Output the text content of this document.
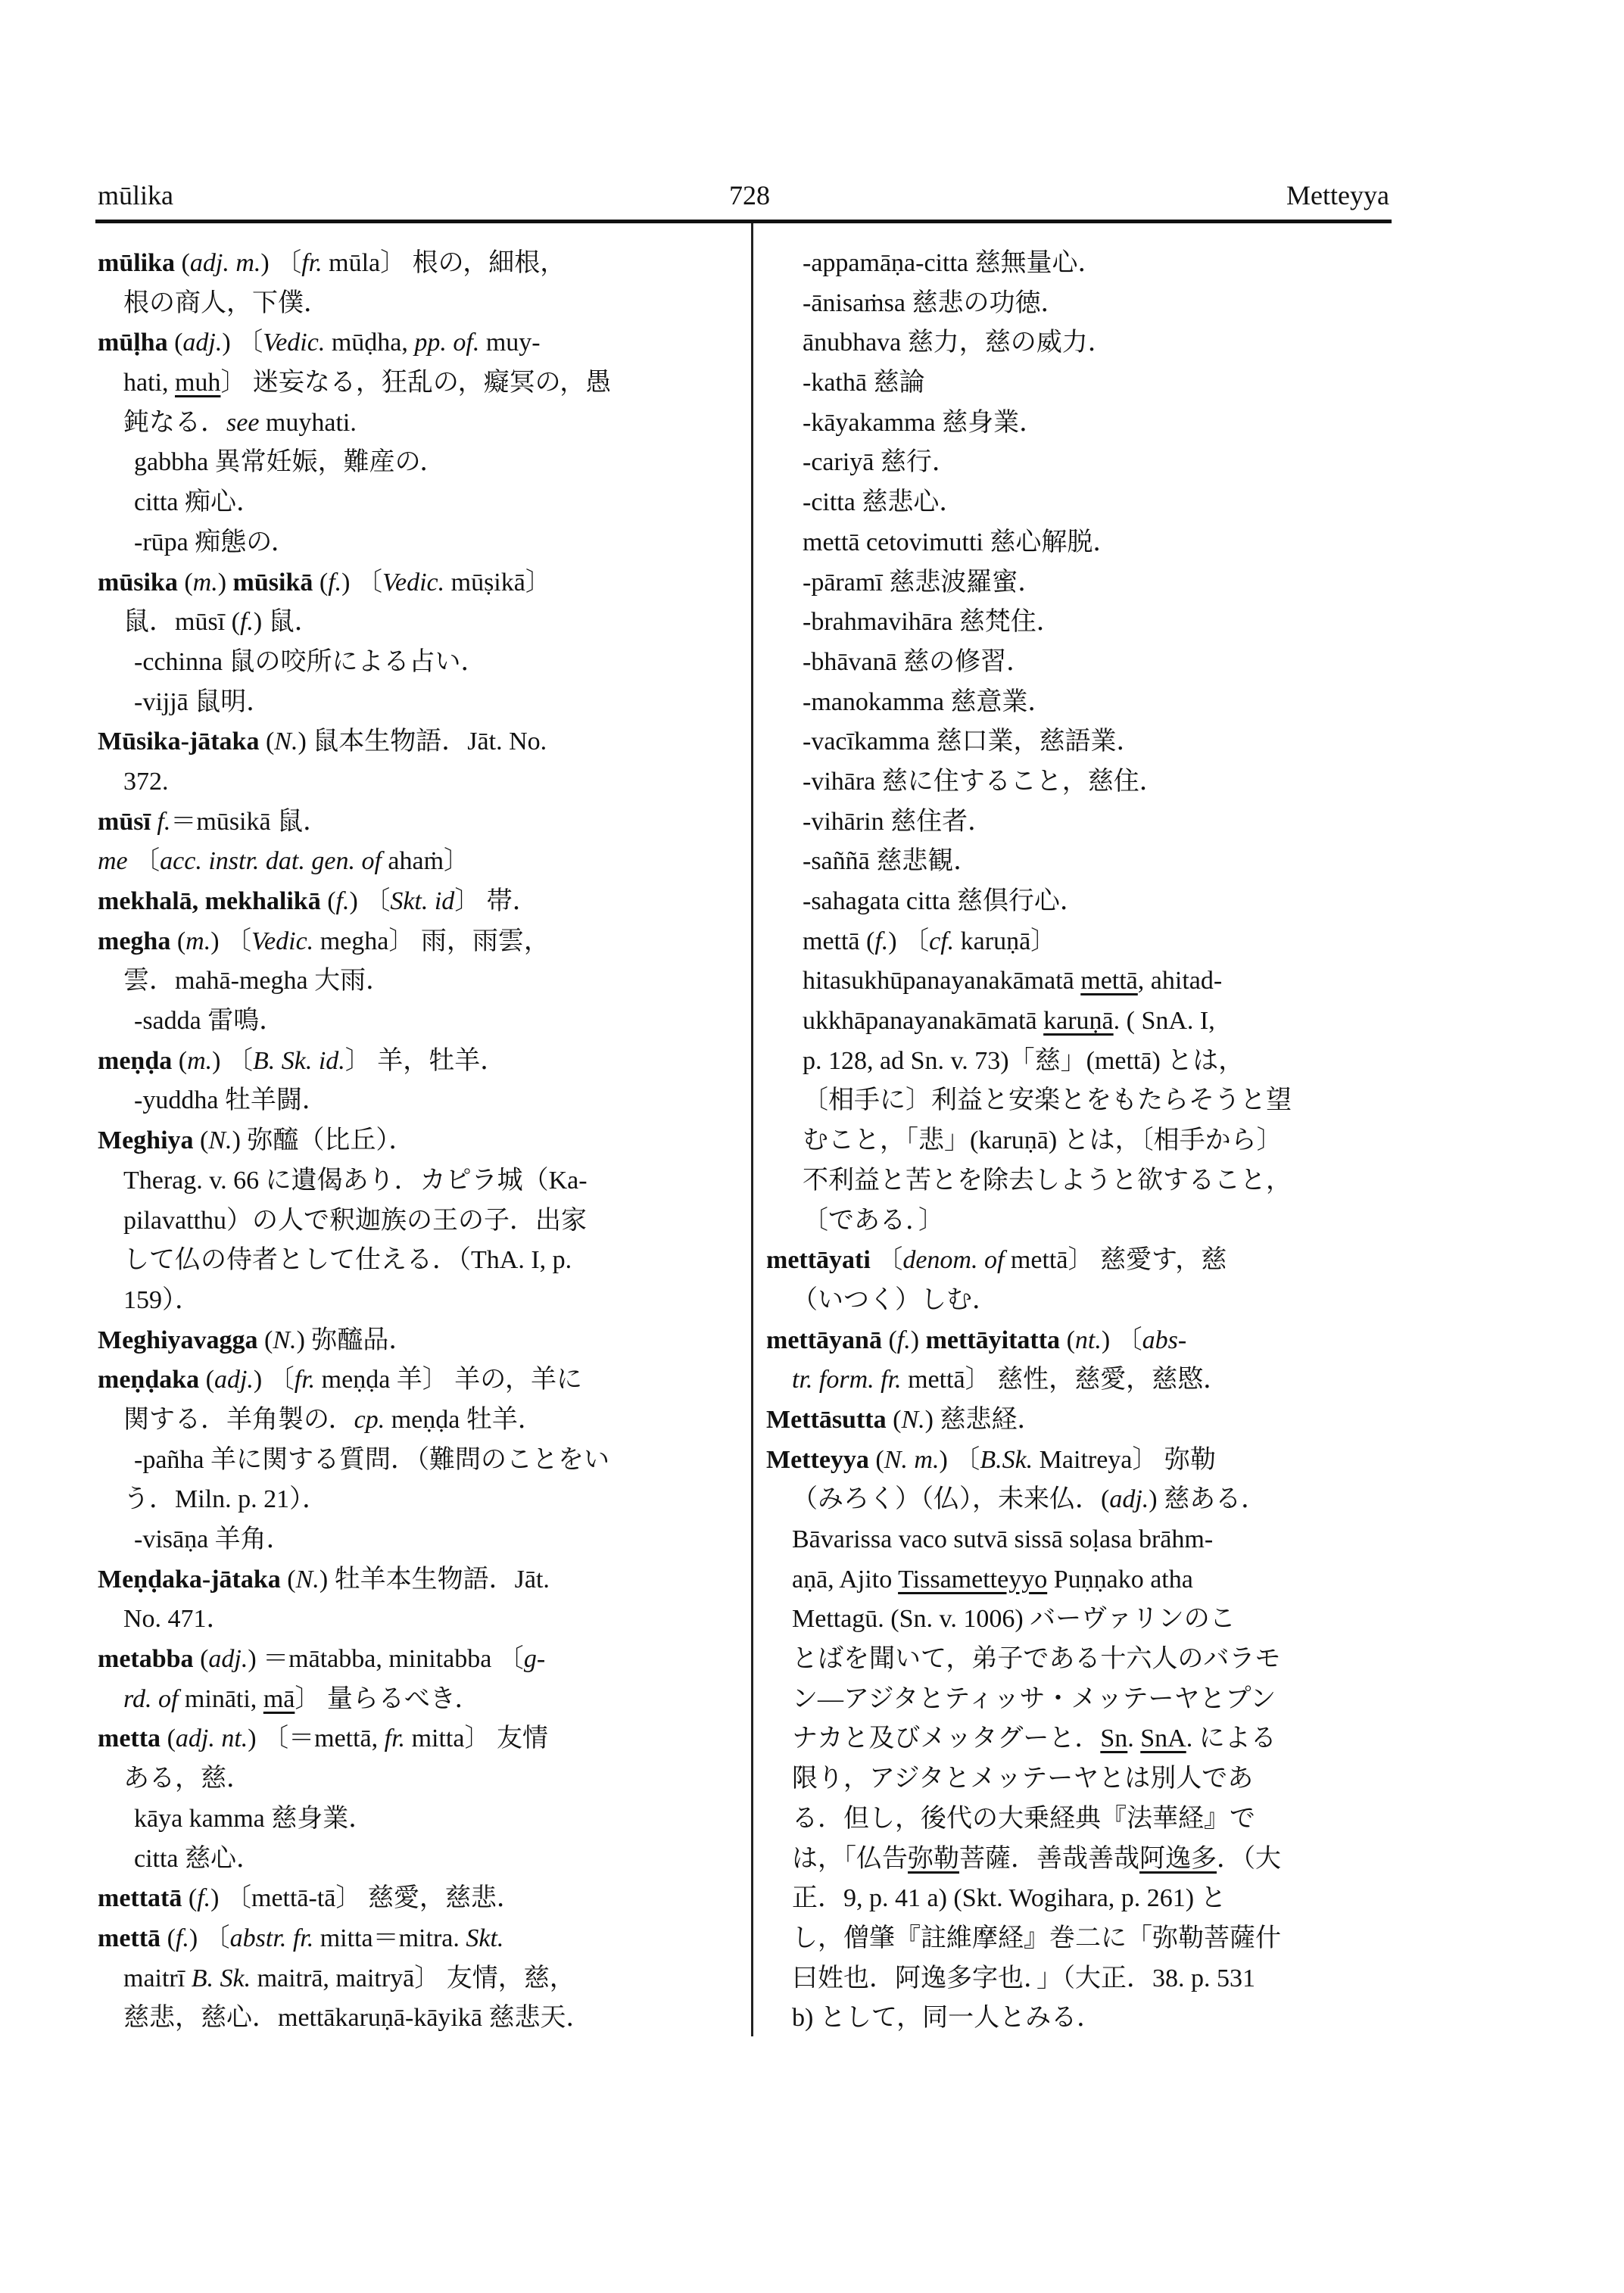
mūlika	728	Metteyya
mūlika (adj. m.) 〔fr. mūla〕 根の，細根，
根の商人，下僕．
mūḷha (adj.) 〔Vedic. mūḍha, pp. of. muy-
hati, muh〕 迷妄なる，狂乱の，癡冥の，愚
鈍なる．see muyhati.
gabbha 異常妊娠，難産の．
citta 痴心．
-rūpa 痴態の．
mūsika (m.) mūsikā (f.) 〔Vedic. mūṣikā〕
鼠．mūsī (f.) 鼠．
-cchinna 鼠の咬所による占い．
-vijjā 鼠明．
Mūsika-jātaka (N.) 鼠本生物語．Jāt. No.
372.
mūsī f.＝mūsikā 鼠．
me 〔acc. instr. dat. gen. of ahaṁ〕
mekhalā, mekhalikā (f.) 〔Skt. id〕 帯．
megha (m.) 〔Vedic. megha〕 雨，雨雲，
雲．mahā-megha 大雨．
-sadda 雷鳴．
meṇḍa (m.) 〔B. Sk. id.〕 羊，牡羊．
-yuddha 牡羊闘．
Meghiya (N.) 弥醯（比丘）．
Therag. v. 66 に遺偈あり．カピラ城（Ka-
pilavatthu）の人で釈迦族の王の子．出家
して仏の侍者として仕える．（ThA. I, p.
159）．
Meghiyavagga (N.) 弥醯品．
meṇḍaka (adj.) 〔fr. meṇḍa 羊〕 羊の，羊に
関する．羊角製の．cp. meṇḍa 牡羊．
-pañha 羊に関する質問．（難問のことをい
う．Miln. p. 21）．
-visāṇa 羊角．
Meṇḍaka-jātaka (N.) 牡羊本生物語．Jāt.
No. 471．
metabba (adj.) ＝mātabba, minitabba 〔g-
rd. of mināti, mā〕 量らるべき．
metta (adj. nt.) 〔＝mettā, fr. mitta〕 友情
ある，慈．
kāya kamma 慈身業．
citta 慈心．
mettatā (f.) 〔mettā-tā〕 慈愛，慈悲．
mettā (f.) 〔abstr. fr. mitta＝mitra. Skt.
maitrī B. Sk. maitrā, maitryā〕 友情，慈，
慈悲，慈心．mettākaruṇā-kāyikā 慈悲天．
-appamāṇa-citta 慈無量心．
-ānisaṁsa 慈悲の功徳．
ānubhava 慈力，慈の威力．
-kathā 慈論
-kāyakamma 慈身業．
-cariyā 慈行．
-citta 慈悲心．
mettā cetovimutti 慈心解脱．
-pāramī 慈悲波羅蜜．
-brahmavihāra 慈梵住．
-bhāvanā 慈の修習．
-manokamma 慈意業．
-vacīkamma 慈口業，慈語業．
-vihāra 慈に住すること，慈住．
-vihārin 慈住者．
-saññā 慈悲観．
-sahagata citta 慈倶行心．
mettā (f.) 〔cf. karuṇā〕
hitasukhūpanayanakāmatā mettā, ahitad-
ukkhāpanayanakāmatā karuṇā. ( SnA. I,
p. 128, ad Sn. v. 73)「慈」(mettā) とは，
〔相手に〕利益と安楽とをもたらそうと望
むこと，「悲」(karuṇā) とは，〔相手から〕
不利益と苦とを除去しようと欲すること，
〔である．〕
mettāyati 〔denom. of mettā〕 慈愛す，慈
（いつく）しむ．
mettāyanā (f.) mettāyitatta (nt.) 〔abs-
tr. form. fr. mettā〕 慈性，慈愛，慈愍．
Mettāsutta (N.) 慈悲経．
Metteyya (N. m.) 〔B.Sk. Maitreya〕 弥勒
（みろく）（仏），未来仏．(adj.) 慈ある．
Bāvarissa vaco sutvā sissā soḷasa brāhm-
aṇā, Ajito Tissametteyyo Puṇṇako atha
Mettagū. (Sn. v. 1006) バーヴァリンのこ
とばを聞いて，弟子である十六人のバラモ
ン―アジタとティッサ・メッテーヤとプン
ナカと及びメッタグーと．Sn. SnA. による
限り，アジタとメッテーヤとは別人であ
る．但し，後代の大乗経典『法華経』で
は，「仏告弥勒菩薩．善哉善哉阿逸多．（大
正．9, p. 41 a) (Skt. Wogihara, p. 261) と
し，僧肇『註維摩経』巻二に「弥勒菩薩什
曰姓也．阿逸多字也．」（大正．38. p. 531
b) として，同一人とみる．
